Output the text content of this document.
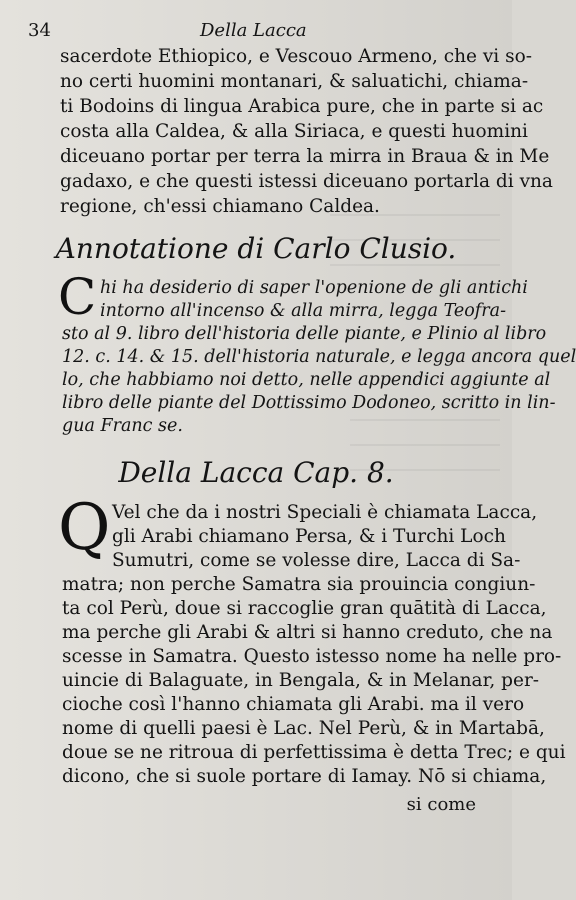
34	Della Lacca
sacerdote Ethiopico, e Vescouo Armeno, che vi so-
no certi huomini montanari, & saluatichi, chiama-
ti Bodoins di lingua Arabica pure, che in parte si ac
costa alla Caldea, & alla Siriaca, e questi huomini
diceuano portar per terra la mirra in Braua & in Me
gadaxo, e che questi istessi diceuano portarla di vna
regione, ch'essi chiamano Caldea.
Annotatione di Carlo Clusio.
C hi ha desiderio di saper l'openione de gli antichi
intorno all'incenso & alla mirra, legga Teofra-
sto al 9. libro dell'historia delle piante, e Plinio al libro
12. c. 14. & 15. dell'historia naturale, e legga ancora quel
lo, che habbiamo noi detto, nelle appendici aggiunte al
libro delle piante del Dottissimo Dodoneo, scritto in lin-
gua Franc se.
Della Lacca Cap. 8.
Q Vel che da i nostri Speciali è chiamata Lacca,
gli Arabi chiamano Persa, & i Turchi Loch
Sumutri, come se volesse dire, Lacca di Sa-
matra; non perche Samatra sia prouincia congiun-
ta col Perù, doue si raccoglie gran quātità di Lacca,
ma perche gli Arabi & altri si hanno creduto, che na
scesse in Samatra. Questo istesso nome ha nelle pro-
uincie di Balaguate, in Bengala, & in Melanar, per-
cioche così l'hanno chiamata gli Arabi. ma il vero
nome di quelli paesi è Lac. Nel Perù, & in Martabā,
doue se ne ritroua di perfettissima è detta Trec; e qui
dicono, che si suole portare di Iamay. Nō si chiama,
si come
